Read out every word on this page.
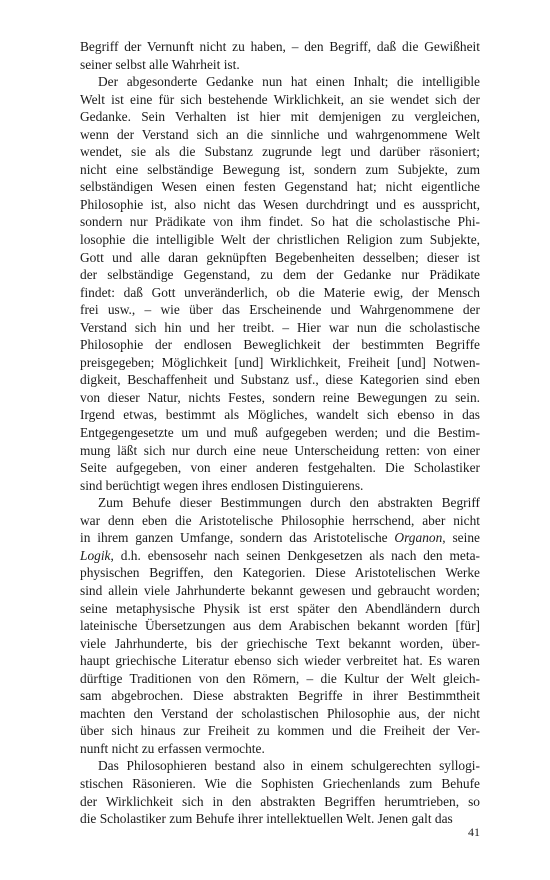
Begriff der Vernunft nicht zu haben, – den Begriff, daß die Gewißheit
seiner selbst alle Wahrheit ist.
Der abgesonderte Gedanke nun hat einen Inhalt; die intelligible
Welt ist eine für sich bestehende Wirklichkeit, an sie wendet sich der
Gedanke. Sein Verhalten ist hier mit demjenigen zu vergleichen,
wenn der Verstand sich an die sinnliche und wahrgenommene Welt
wendet, sie als die Substanz zugrunde legt und darüber räsoniert;
nicht eine selbständige Bewegung ist, sondern zum Subjekte, zum
selbständigen Wesen einen festen Gegenstand hat; nicht eigentliche
Philosophie ist, also nicht das Wesen durchdringt und es ausspricht,
sondern nur Prädikate von ihm findet. So hat die scholastische Phi-
losophie die intelligible Welt der christlichen Religion zum Subjekte,
Gott und alle daran geknüpften Begebenheiten desselben; dieser ist
der selbständige Gegenstand, zu dem der Gedanke nur Prädikate
findet: daß Gott unveränderlich, ob die Materie ewig, der Mensch
frei usw., – wie über das Erscheinende und Wahrgenommene der
Verstand sich hin und her treibt. – Hier war nun die scholastische
Philosophie der endlosen Beweglichkeit der bestimmten Begriffe
preisgegeben; Möglichkeit [und] Wirklichkeit, Freiheit [und] Notwen-
digkeit, Beschaffenheit und Substanz usf., diese Kategorien sind eben
von dieser Natur, nichts Festes, sondern reine Bewegungen zu sein.
Irgend etwas, bestimmt als Mögliches, wandelt sich ebenso in das
Entgegengesetzte um und muß aufgegeben werden; und die Bestim-
mung läßt sich nur durch eine neue Unterscheidung retten: von einer
Seite aufgegeben, von einer anderen festgehalten. Die Scholastiker
sind berüchtigt wegen ihres endlosen Distinguierens.
Zum Behufe dieser Bestimmungen durch den abstrakten Begriff
war denn eben die Aristotelische Philosophie herrschend, aber nicht
in ihrem ganzen Umfange, sondern das Aristotelische Organon, seine
Logik, d.h. ebensosehr nach seinen Denkgesetzen als nach den meta-
physischen Begriffen, den Kategorien. Diese Aristotelischen Werke
sind allein viele Jahrhunderte bekannt gewesen und gebraucht worden;
seine metaphysische Physik ist erst später den Abendländern durch
lateinische Übersetzungen aus dem Arabischen bekannt worden [für]
viele Jahrhunderte, bis der griechische Text bekannt worden, über-
haupt griechische Literatur ebenso sich wieder verbreitet hat. Es waren
dürftige Traditionen von den Römern, – die Kultur der Welt gleich-
sam abgebrochen. Diese abstrakten Begriffe in ihrer Bestimmtheit
machten den Verstand der scholastischen Philosophie aus, der nicht
über sich hinaus zur Freiheit zu kommen und die Freiheit der Ver-
nunft nicht zu erfassen vermochte.
Das Philosophieren bestand also in einem schulgerechten syllogi-
stischen Räsonieren. Wie die Sophisten Griechenlands zum Behufe
der Wirklichkeit sich in den abstrakten Begriffen herumtrieben, so
die Scholastiker zum Behufe ihrer intellektuellen Welt. Jenen galt das
41
